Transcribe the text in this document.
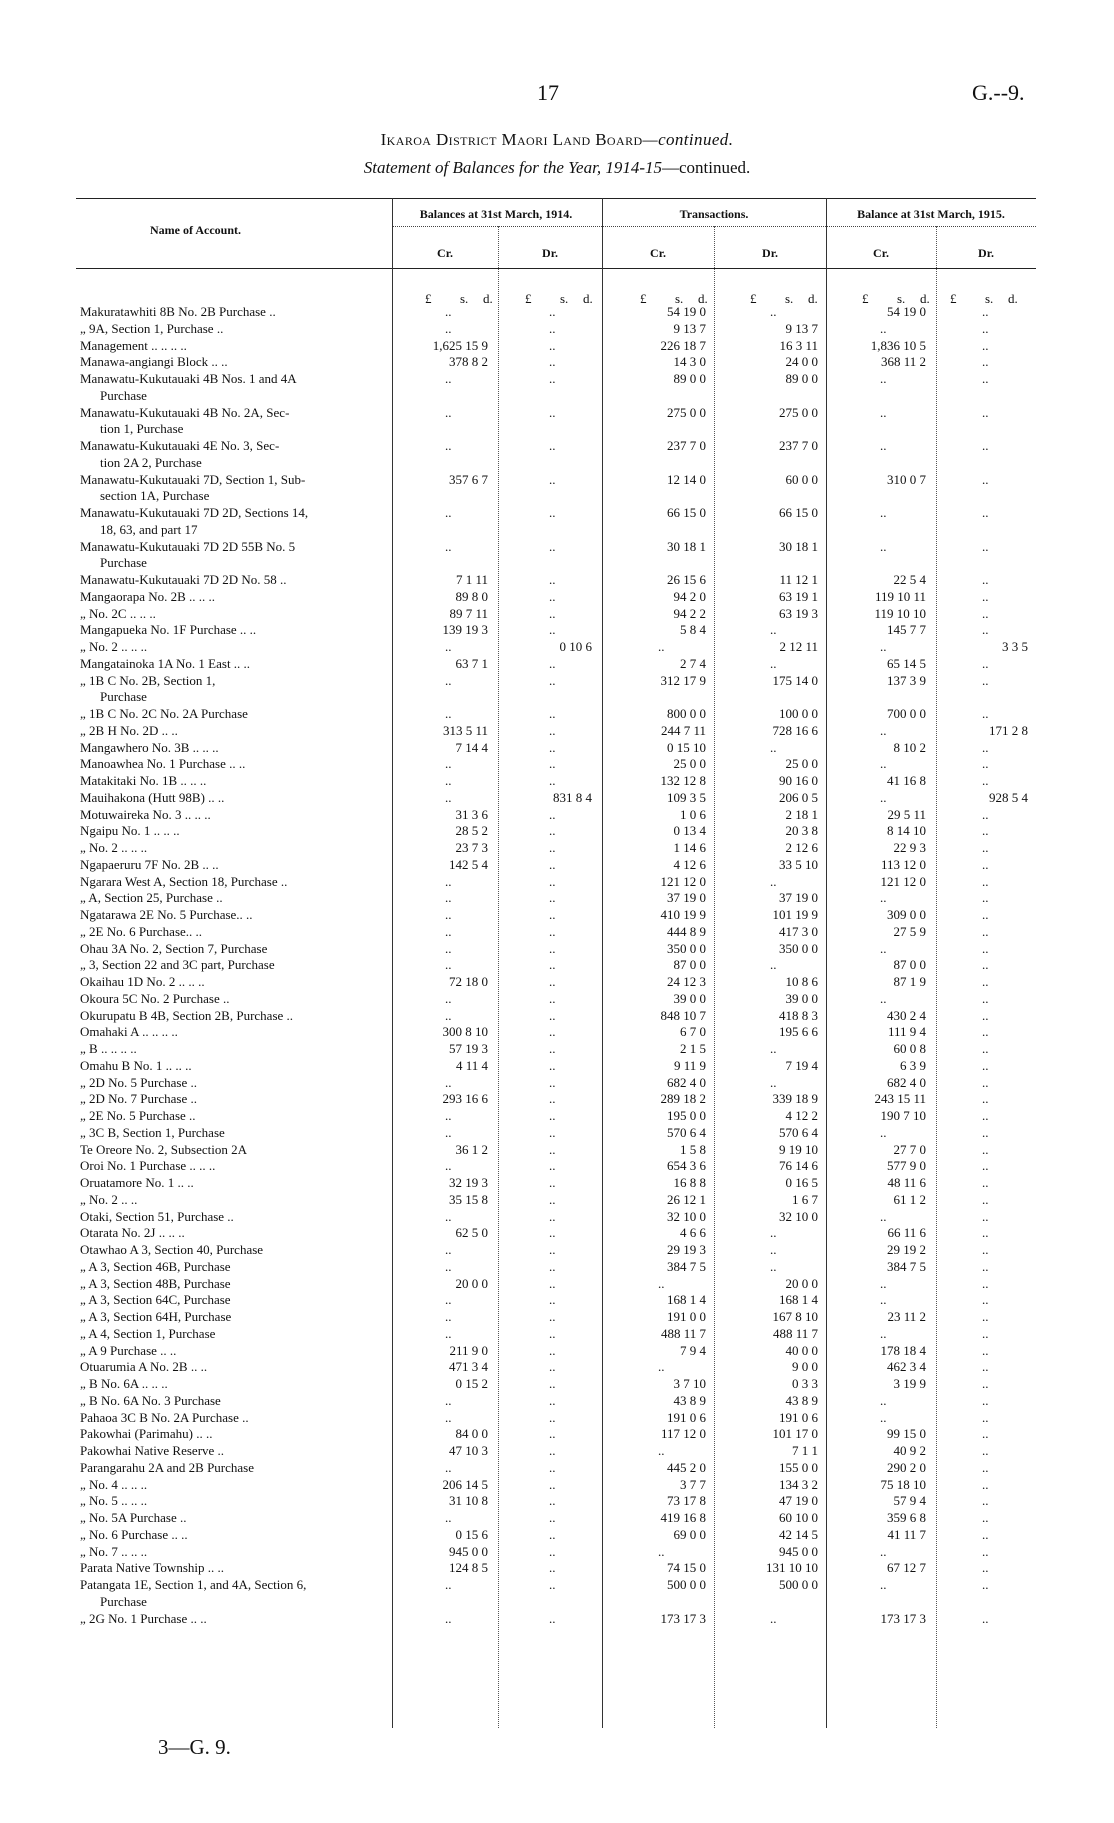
17	G.--9.
Ikaroa District Maori Land Board—continued.
Statement of Balances for the Year, 1914-15—continued.
Name of Account.
Balances at 31st March, 1914.	Transactions.	Balance at 31st March, 1915.
Cr.	Dr.	Cr.	Dr.	Cr.	Dr.
£ s. d. £ s. d.	£ s. d.	£ s. d.	£ s. d. £ s. d.
Makuratawhiti 8B No. 2B Purchase ..	..	..	54 19 0	..	54 19 0	..
„ 9A, Section 1, Purchase ..	..	..	9 13 7	9 13 7	..	..
Management .. .. .. ..	1,625 15 9	..	226 18 7	16 3 11	1,836 10 5	..
Manawa-angiangi Block .. ..	378 8 2	..	14 3 0	24 0 0	368 11 2	..
Manawatu-Kukutauaki 4B Nos. 1 and 4A	..	..	89 0 0	89 0 0	..	..
Purchase
Manawatu-Kukutauaki 4B No. 2A, Sec-	..	..	275 0 0	275 0 0	..	..
tion 1, Purchase
Manawatu-Kukutauaki 4E No. 3, Sec-	..	..	237 7 0	237 7 0	..	..
tion 2A 2, Purchase
Manawatu-Kukutauaki 7D, Section 1, Sub-	357 6 7	..	12 14 0	60 0 0	310 0 7	..
section 1A, Purchase
Manawatu-Kukutauaki 7D 2D, Sections 14,	..	..	66 15 0	66 15 0	..	..
18, 63, and part 17
Manawatu-Kukutauaki 7D 2D 55B No. 5	..	..	30 18 1	30 18 1	..	..
Purchase
Manawatu-Kukutauaki 7D 2D No. 58 ..	7 1 11	..	26 15 6	11 12 1	22 5 4	..
Mangaorapa No. 2B .. .. ..	89 8 0	..	94 2 0	63 19 1	119 10 11	..
„ No. 2C .. .. ..	89 7 11	..	94 2 2	63 19 3	119 10 10	..
Mangapueka No. 1F Purchase .. ..	139 19 3	..	5 8 4	..	145 7 7	..
„ No. 2 .. .. ..	..	0 10 6	..	2 12 11	..	3 3 5
Mangatainoka 1A No. 1 East .. ..	63 7 1	..	2 7 4	..	65 14 5	..
„ 1B C No. 2B, Section 1,	..	..	312 17 9	175 14 0	137 3 9	..
Purchase
„ 1B C No. 2C No. 2A Purchase	..	..	800 0 0	100 0 0	700 0 0	..
„ 2B H No. 2D .. ..	313 5 11	..	244 7 11	728 16 6	..	171 2 8
Mangawhero No. 3B .. .. ..	7 14 4	..	0 15 10	..	8 10 2	..
Manoawhea No. 1 Purchase .. ..	..	..	25 0 0	25 0 0	..	..
Matakitaki No. 1B .. .. ..	..	..	132 12 8	90 16 0	41 16 8	..
Mauihakona (Hutt 98B) .. ..	..	831 8 4	109 3 5	206 0 5	..	928 5 4
Motuwaireka No. 3 .. .. ..	31 3 6	..	1 0 6	2 18 1	29 5 11	..
Ngaipu No. 1 .. .. ..	28 5 2	..	0 13 4	20 3 8	8 14 10	..
„ No. 2 .. .. ..	23 7 3	..	1 14 6	2 12 6	22 9 3	..
Ngapaeruru 7F No. 2B .. ..	142 5 4	..	4 12 6	33 5 10	113 12 0	..
Ngarara West A, Section 18, Purchase ..	..	..	121 12 0	..	121 12 0	..
„ A, Section 25, Purchase ..	..	..	37 19 0	37 19 0	..	..
Ngatarawa 2E No. 5 Purchase.. ..	..	..	410 19 9	101 19 9	309 0 0	..
„ 2E No. 6 Purchase.. ..	..	..	444 8 9	417 3 0	27 5 9	..
Ohau 3A No. 2, Section 7, Purchase	..	..	350 0 0	350 0 0	..	..
„ 3, Section 22 and 3C part, Purchase	..	..	87 0 0	..	87 0 0	..
Okaihau 1D No. 2 .. .. ..	72 18 0	..	24 12 3	10 8 6	87 1 9	..
Okoura 5C No. 2 Purchase ..	..	..	39 0 0	39 0 0	..	..
Okurupatu B 4B, Section 2B, Purchase ..	..	..	848 10 7	418 8 3	430 2 4	..
Omahaki A .. .. .. ..	300 8 10	..	6 7 0	195 6 6	111 9 4	..
„ B .. .. .. ..	57 19 3	..	2 1 5	..	60 0 8	..
Omahu B No. 1 .. .. ..	4 11 4	..	9 11 9	7 19 4	6 3 9	..
„ 2D No. 5 Purchase ..	..	..	682 4 0	..	682 4 0	..
„ 2D No. 7 Purchase ..	293 16 6	..	289 18 2	339 18 9	243 15 11	..
„ 2E No. 5 Purchase ..	..	..	195 0 0	4 12 2	190 7 10	..
„ 3C B, Section 1, Purchase	..	..	570 6 4	570 6 4	..	..
Te Oreore No. 2, Subsection 2A	36 1 2	..	1 5 8	9 19 10	27 7 0	..
Oroi No. 1 Purchase .. .. ..	..	..	654 3 6	76 14 6	577 9 0	..
Oruatamore No. 1 .. ..	32 19 3	..	16 8 8	0 16 5	48 11 6	..
„ No. 2 .. ..	35 15 8	..	26 12 1	1 6 7	61 1 2	..
Otaki, Section 51, Purchase ..	..	..	32 10 0	32 10 0	..	..
Otarata No. 2J .. .. ..	62 5 0	..	4 6 6	..	66 11 6	..
Otawhao A 3, Section 40, Purchase	..	..	29 19 3	..	29 19 2	..
„ A 3, Section 46B, Purchase	..	..	384 7 5	..	384 7 5	..
„ A 3, Section 48B, Purchase	20 0 0	..	..	20 0 0	..	..
„ A 3, Section 64C, Purchase	..	..	168 1 4	168 1 4	..	..
„ A 3, Section 64H, Purchase	..	..	191 0 0	167 8 10	23 11 2	..
„ A 4, Section 1, Purchase	..	..	488 11 7	488 11 7	..	..
„ A 9 Purchase .. ..	211 9 0	..	7 9 4	40 0 0	178 18 4	..
Otuarumia A No. 2B .. ..	471 3 4	..	..	9 0 0	462 3 4	..
„ B No. 6A .. .. ..	0 15 2	..	3 7 10	0 3 3	3 19 9	..
„ B No. 6A No. 3 Purchase	..	..	43 8 9	43 8 9	..	..
Pahaoa 3C B No. 2A Purchase ..	..	..	191 0 6	191 0 6	..	..
Pakowhai (Parimahu) .. ..	84 0 0	..	117 12 0	101 17 0	99 15 0	..
Pakowhai Native Reserve ..	47 10 3	..	..	7 1 1	40 9 2	..
Parangarahu 2A and 2B Purchase	..	..	445 2 0	155 0 0	290 2 0	..
„ No. 4 .. .. ..	206 14 5	..	3 7 7	134 3 2	75 18 10	..
„ No. 5 .. .. ..	31 10 8	..	73 17 8	47 19 0	57 9 4	..
„ No. 5A Purchase ..	..	..	419 16 8	60 10 0	359 6 8	..
„ No. 6 Purchase .. ..	0 15 6	..	69 0 0	42 14 5	41 11 7	..
„ No. 7 .. .. ..	945 0 0	..	..	945 0 0	..	..
Parata Native Township .. ..	124 8 5	..	74 15 0	131 10 10	67 12 7	..
Patangata 1E, Section 1, and 4A, Section 6,	..	..	500 0 0	500 0 0	..	..
Purchase
„ 2G No. 1 Purchase .. ..	..	..	173 17 3	..	173 17 3	..
3—G. 9.
